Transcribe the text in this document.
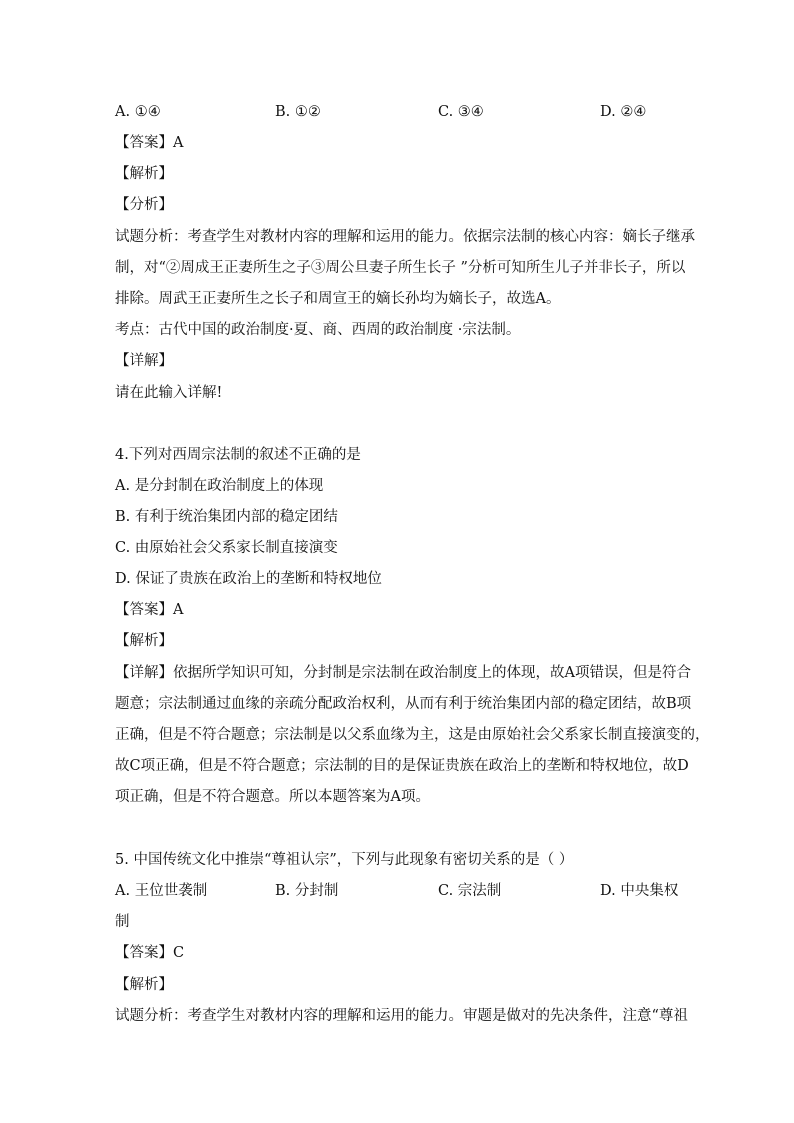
A. ①④	B. ①②	C. ③④	D. ②④
【答案】A
【解析】
【分析】
试题分析：考查学生对教材内容的理解和运用的能力。依据宗法制的核心内容：嫡长子继承
制，对“②周成王正妻所生之子③周公旦妻子所生长子 ”分析可知所生儿子并非长子，所以
排除。周武王正妻所生之长子和周宣王的嫡长孙均为嫡长子，故选A。
考点：古代中国的政治制度·夏、商、西周的政治制度 ·宗法制。
【详解】
请在此输入详解!
4.下列对西周宗法制的叙述不正确的是
A. 是分封制在政治制度上的体现
B. 有利于统治集团内部的稳定团结
C. 由原始社会父系家长制直接演变
D. 保证了贵族在政治上的垄断和特权地位
【答案】A
【解析】
【详解】依据所学知识可知，分封制是宗法制在政治制度上的体现，故A项错误，但是符合
题意；宗法制通过血缘的亲疏分配政治权利，从而有利于统治集团内部的稳定团结，故B项
正确，但是不符合题意；宗法制是以父系血缘为主，这是由原始社会父系家长制直接演变的，
故C项正确，但是不符合题意；宗法制的目的是保证贵族在政治上的垄断和特权地位，故D
项正确，但是不符合题意。所以本题答案为A项。
5. 中国传统文化中推崇“尊祖认宗”，下列与此现象有密切关系的是（ ）
A. 王位世袭制	B. 分封制	C. 宗法制	D. 中央集权
制
【答案】C
【解析】
试题分析：考查学生对教材内容的理解和运用的能力。审题是做对的先决条件，注意“尊祖
